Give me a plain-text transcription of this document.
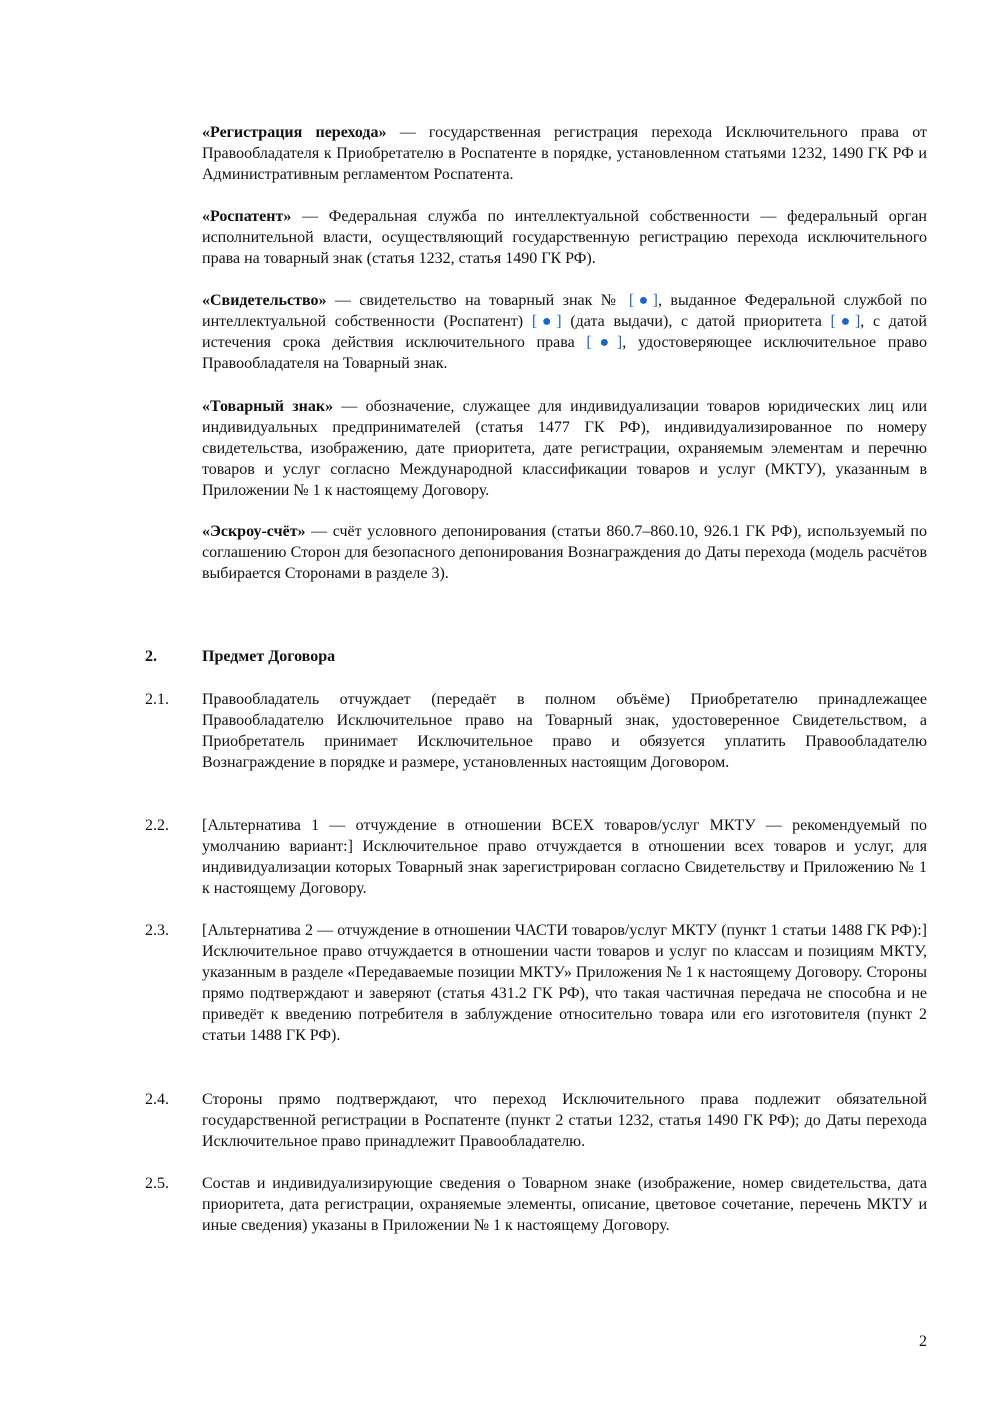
«Регистрация перехода» — государственная регистрация перехода Исключительного права от Правообладателя к Приобретателю в Роспатенте в порядке, установленном статьями 1232, 1490 ГК РФ и Административным регламентом Роспатента.

«Роспатент» — Федеральная служба по интеллектуальной собственности — федеральный орган исполнительной власти, осуществляющий государственную регистрацию перехода исключительного права на товарный знак (статья 1232, статья 1490 ГК РФ).

«Свидетельство» — свидетельство на товарный знак № [●], выданное Федеральной службой по интеллектуальной собственности (Роспатент) [●] (дата выдачи), с датой приоритета [●], с датой истечения срока действия исключительного права [●], удостоверяющее исключительное право Правообладателя на Товарный знак.

«Товарный знак» — обозначение, служащее для индивидуализации товаров юридических лиц или индивидуальных предпринимателей (статья 1477 ГК РФ), индивидуализированное по номеру свидетельства, изображению, дате приоритета, дате регистрации, охраняемым элементам и перечню товаров и услуг согласно Международной классификации товаров и услуг (МКТУ), указанным в Приложении № 1 к настоящему Договору.

«Эскроу-счёт» — счёт условного депонирования (статьи 860.7–860.10, 926.1 ГК РФ), используемый по соглашению Сторон для безопасного депонирования Вознаграждения до Даты перехода (модель расчётов выбирается Сторонами в разделе 3).

2.	Предмет Договора
2.1. Правообладатель отчуждает (передаёт в полном объёме) Приобретателю принадлежащее Правообладателю Исключительное право на Товарный знак, удостоверенное Свидетельством, а Приобретатель принимает Исключительное право и обязуется уплатить Правообладателю Вознаграждение в порядке и размере, установленных настоящим Договором.

2.2. [Альтернатива 1 — отчуждение в отношении ВСЕХ товаров/услуг МКТУ — рекомендуемый по умолчанию вариант:] Исключительное право отчуждается в отношении всех товаров и услуг, для индивидуализации которых Товарный знак зарегистрирован согласно Свидетельству и Приложению № 1 к настоящему Договору.

2.3. [Альтернатива 2 — отчуждение в отношении ЧАСТИ товаров/услуг МКТУ (пункт 1 статьи 1488 ГК РФ):] Исключительное право отчуждается в отношении части товаров и услуг по классам и позициям МКТУ, указанным в разделе «Передаваемые позиции МКТУ» Приложения № 1 к настоящему Договору. Стороны прямо подтверждают и заверяют (статья 431.2 ГК РФ), что такая частичная передача не способна и не приведёт к введению потребителя в заблуждение относительно товара или его изготовителя (пункт 2 статьи 1488 ГК РФ).

2.4. Стороны прямо подтверждают, что переход Исключительного права подлежит обязательной государственной регистрации в Роспатенте (пункт 2 статьи 1232, статья 1490 ГК РФ); до Даты перехода Исключительное право принадлежит Правообладателю.

2.5. Состав и индивидуализирующие сведения о Товарном знаке (изображение, номер свидетельства, дата приоритета, дата регистрации, охраняемые элементы, описание, цветовое сочетание, перечень МКТУ и иные сведения) указаны в Приложении № 1 к настоящему Договору.

2
